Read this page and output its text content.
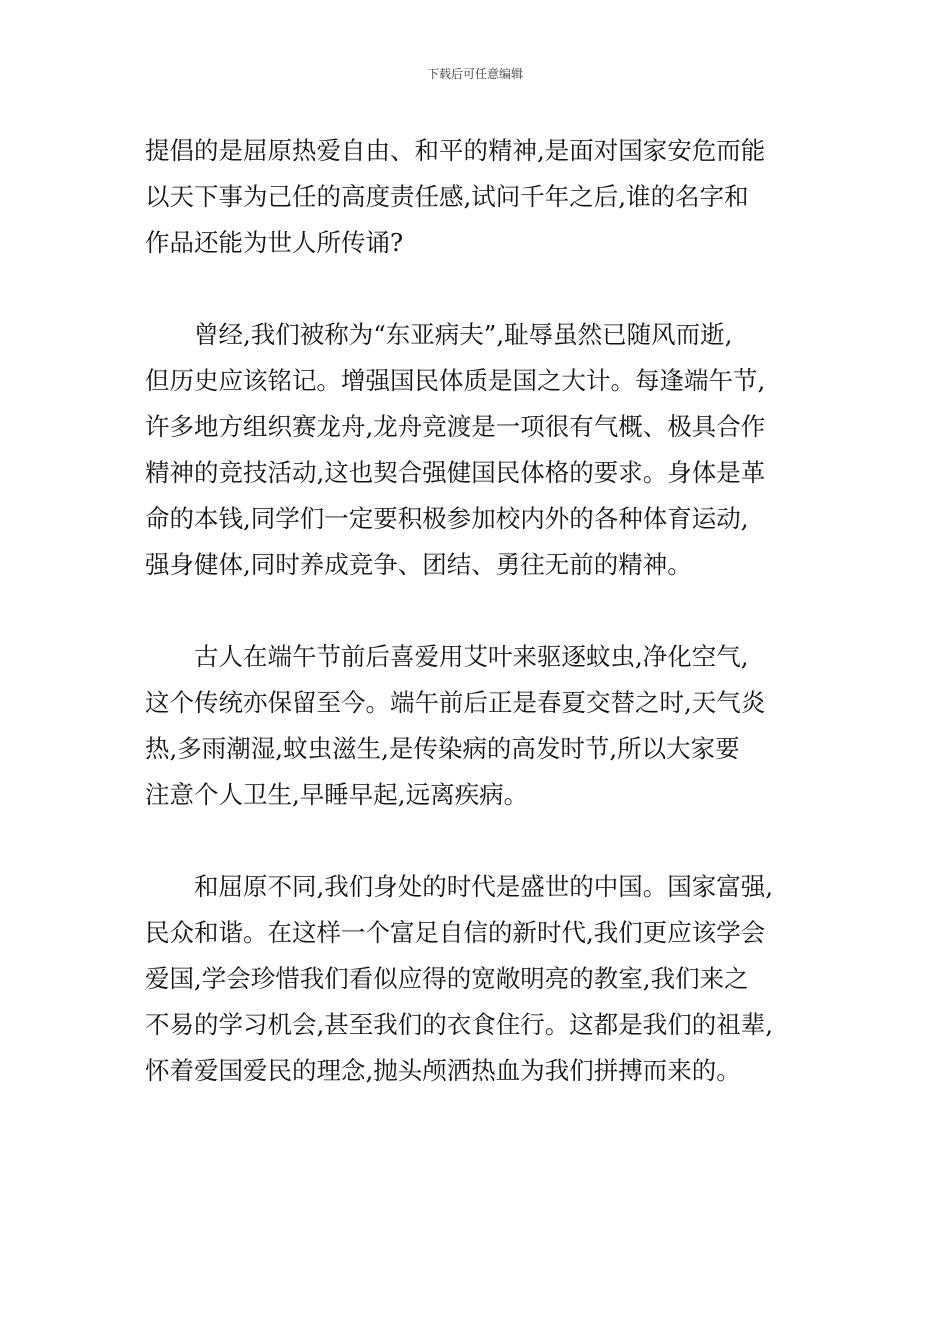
下载后可任意编辑

提倡的是屈原热爱自由、和平的精神,是面对国家安危而能
以天下事为己任的高度责任感,试问千年之后,谁的名字和
作品还能为世人所传诵?

曾经,我们被称为“东亚病夫”,耻辱虽然已随风而逝,
但历史应该铭记。增强国民体质是国之大计。每逢端午节,
许多地方组织赛龙舟,龙舟竞渡是一项很有气概、极具合作
精神的竞技活动,这也契合强健国民体格的要求。身体是革
命的本钱,同学们一定要积极参加校内外的各种体育运动,
强身健体,同时养成竞争、团结、勇往无前的精神。

古人在端午节前后喜爱用艾叶来驱逐蚊虫,净化空气,
这个传统亦保留至今。端午前后正是春夏交替之时,天气炎
热,多雨潮湿,蚊虫滋生,是传染病的高发时节,所以大家要
注意个人卫生,早睡早起,远离疾病。

和屈原不同,我们身处的时代是盛世的中国。国家富强,
民众和谐。在这样一个富足自信的新时代,我们更应该学会
爱国,学会珍惜我们看似应得的宽敞明亮的教室,我们来之
不易的学习机会,甚至我们的衣食住行。这都是我们的祖辈,
怀着爱国爱民的理念,抛头颅洒热血为我们拼搏而来的。
